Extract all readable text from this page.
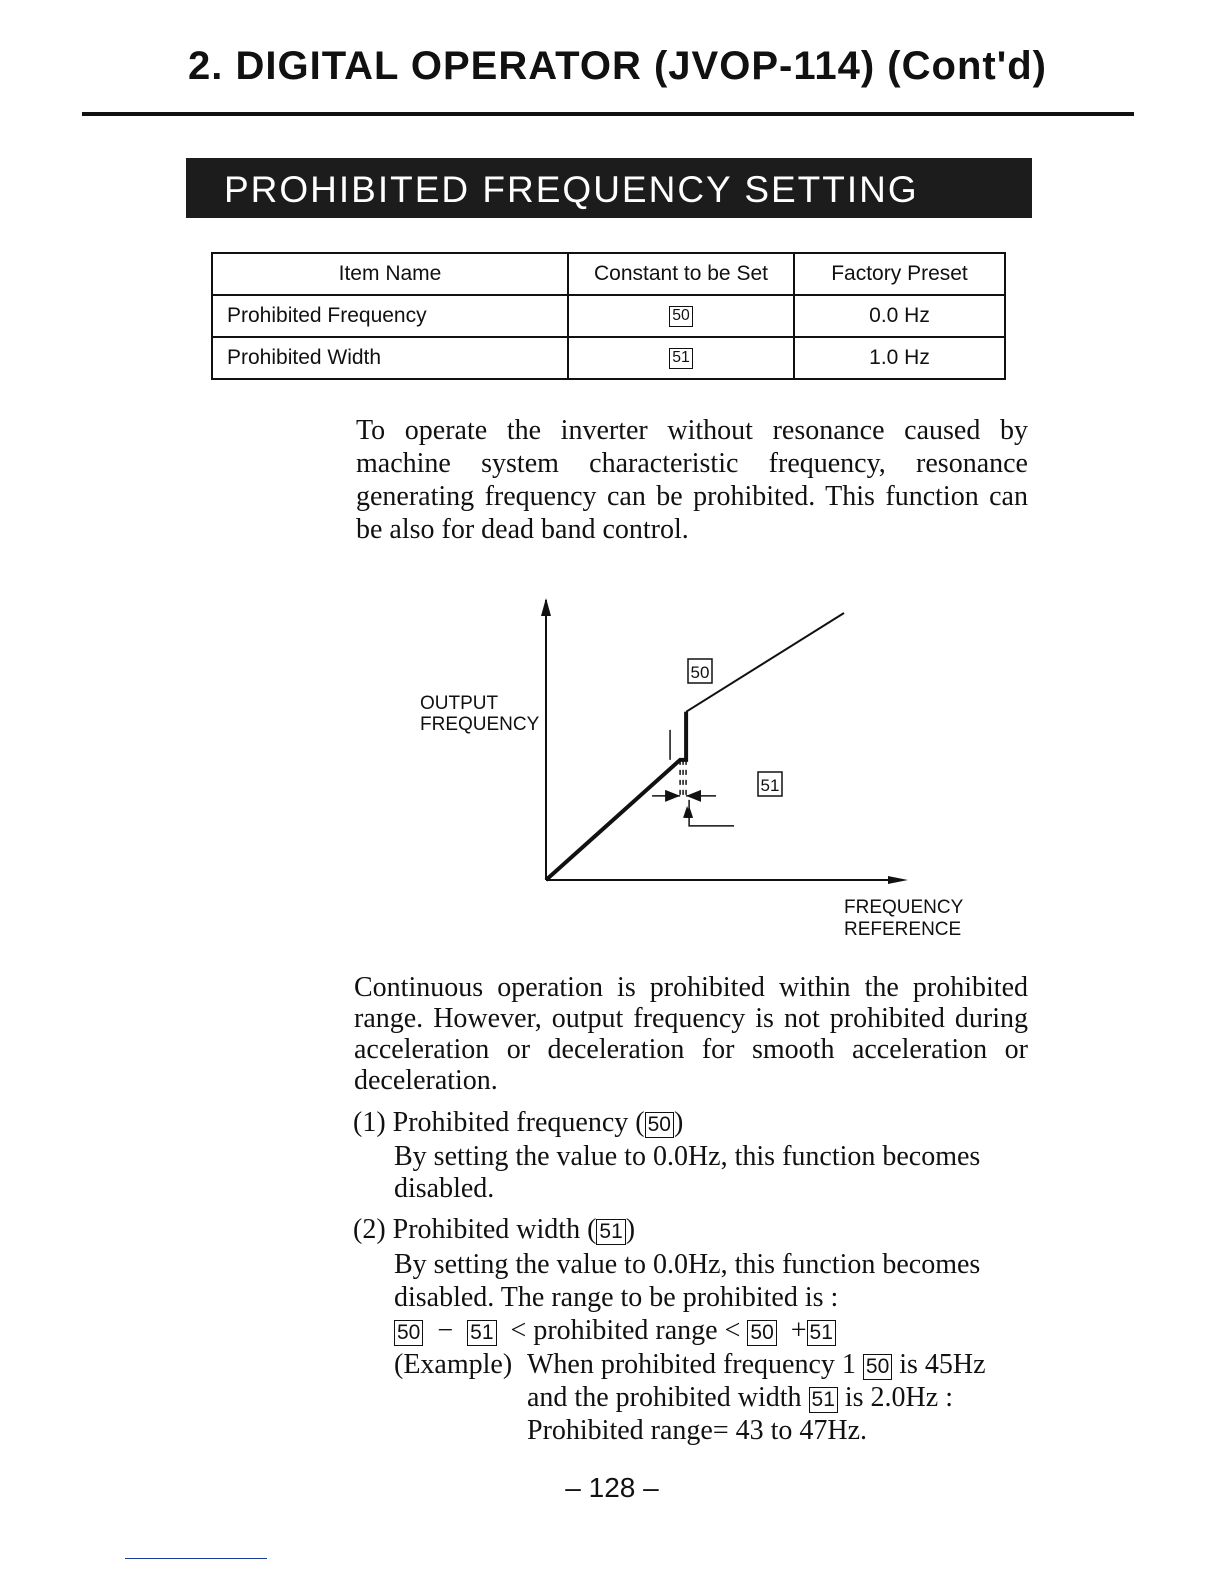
2. DIGITAL OPERATOR (JVOP-114) (Cont'd)
PROHIBITED FREQUENCY SETTING
Item Name	Constant to be Set	Factory Preset
Prohibited Frequency	50	0.0 Hz
Prohibited Width	51	1.0 Hz
To operate the inverter without resonance caused by machine system characteristic frequency, resonance generating frequency can be prohibited. This function can be also for dead band control.
50
51
OUTPUT
FREQUENCY
FREQUENCY
REFERENCE
Continuous operation is prohibited within the prohibited range. However, output frequency is not prohibited during acceleration or deceleration for smooth acceleration or deceleration.
(1) Prohibited frequency ( 50 )
By setting the value to 0.0Hz, this function becomes
disabled.
(2) Prohibited width ( 51 )
By setting the value to 0.0Hz, this function becomes
disabled. The range to be prohibited is :
50 − 51 < prohibited range < 50 + 51
(Example) When prohibited frequency 1 50 is 45Hz
and the prohibited width 51 is 2.0Hz :
Prohibited range= 43 to 47Hz.
– 128 –
